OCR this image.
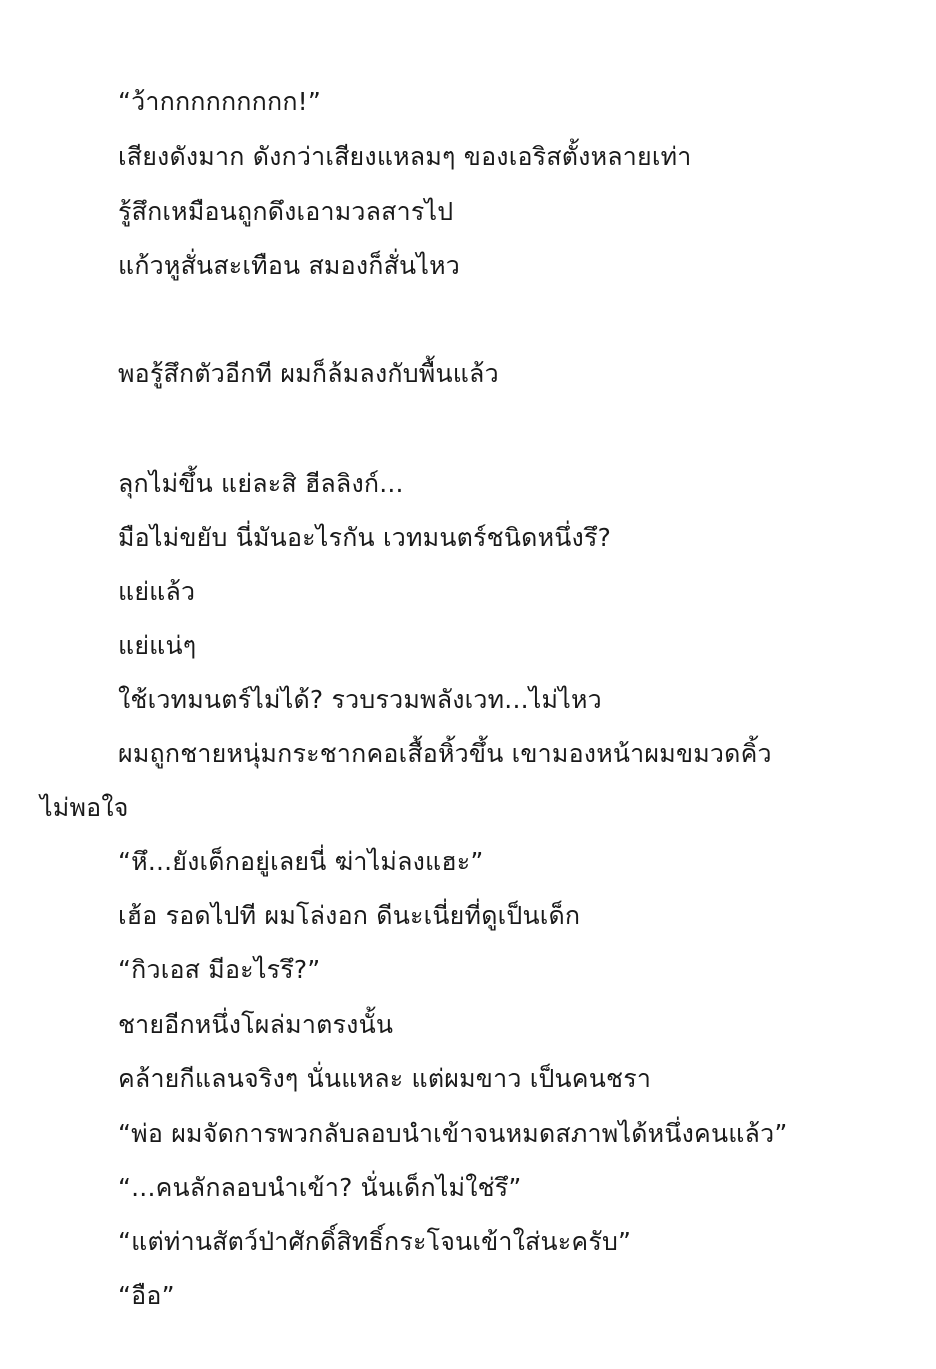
“ว้ากกกกกกกกก!”
เสียงดังมาก ดังกว่าเสียงแหลมๆ ของเอริสตั้งหลายเท่า
รู้สึกเหมือนถูกดึงเอามวลสารไป
แก้วหูสั่นสะเทือน สมองก็สั่นไหว
พอรู้สึกตัวอีกที ผมก็ล้มลงกับพื้นแล้ว
ลุกไม่ขึ้น แย่ละสิ ฮีลลิงก์...
มือไม่ขยับ นี่มันอะไรกัน เวทมนตร์ชนิดหนึ่งรึ?
แย่แล้ว
แย่แน่ๆ
ใช้เวทมนตร์ไม่ได้? รวบรวมพลังเวท...ไม่ไหว
ผมถูกชายหนุ่มกระชากคอเสื้อหิ้วขึ้น เขามองหน้าผมขมวดคิ้ว
ไม่พอใจ
“หึ...ยังเด็กอยู่เลยนี่ ฆ่าไม่ลงแฮะ”
เฮ้อ รอดไปที ผมโล่งอก ดีนะเนี่ยที่ดูเป็นเด็ก
“กิวเอส มีอะไรรึ?”
ชายอีกหนึ่งโผล่มาตรงนั้น
คล้ายกีแลนจริงๆ นั่นแหละ แต่ผมขาว เป็นคนชรา
“พ่อ ผมจัดการพวกลับลอบนำเข้าจนหมดสภาพได้หนึ่งคนแล้ว”
“...คนลักลอบนำเข้า? นั่นเด็กไม่ใช่รึ”
“แต่ท่านสัตว์ป่าศักดิ์สิทธิ์กระโจนเข้าใส่นะครับ”
“อือ”
